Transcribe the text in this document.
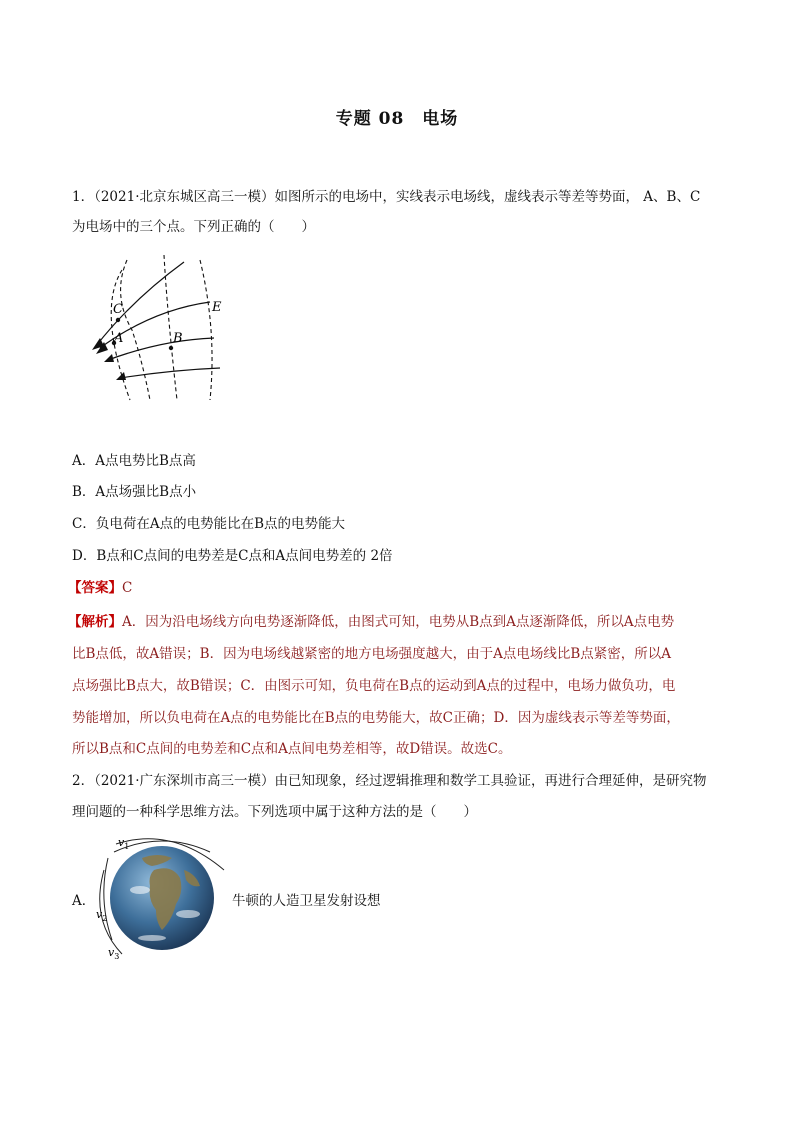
专题 08　电场
1．（2021·北京东城区高三一模）如图所示的电场中，实线表示电场线，虚线表示等差等势面， A、B、C
为电场中的三个点。下列正确的（　　）
C
A	B
E
A．A点电势比B点高
B．A点场强比B点小
C．负电荷在A点的电势能比在B点的电势能大
D．B点和C点间的电势差是C点和A点间电势差的 2倍
【答案】C
【解析】A．因为沿电场线方向电势逐渐降低，由图式可知，电势从B点到A点逐渐降低，所以A点电势
比B点低，故A错误；B．因为电场线越紧密的地方电场强度越大，由于A点电场线比B点紧密，所以A
点场强比B点大，故B错误；C．由图示可知，负电荷在B点的运动到A点的过程中，电场力做负功，电
势能增加，所以负电荷在A点的电势能比在B点的电势能大，故C正确；D．因为虚线表示等差等势面，
所以B点和C点间的电势差和C点和A点间电势差相等，故D错误。故选C。
2．（2021·广东深圳市高三一模）由已知现象，经过逻辑推理和数学工具验证，再进行合理延伸，是研究物
理问题的一种科学思维方法。下列选项中属于这种方法的是（　　）
A．
$v_1$
$v_2$
$v_3$
牛顿的人造卫星发射设想
